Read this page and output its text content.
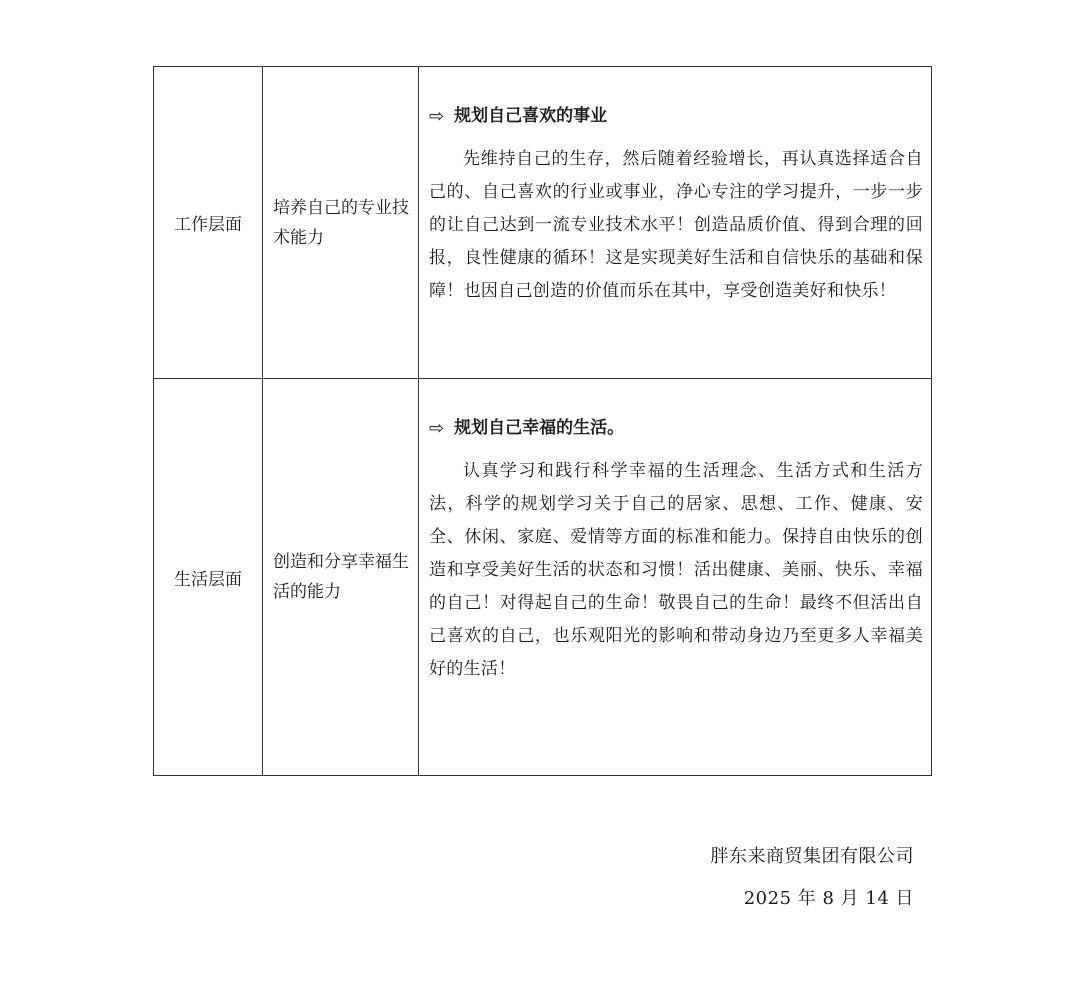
工作层面	培养自己的专业技术能力	⇨ 规划自己喜欢的事业

先维持自己的生存，然后随着经验增长，再认真选择适合自己的、自己喜欢的行业或事业，净心专注的学习提升，一步一步的让自己达到一流专业技术水平！创造品质价值、得到合理的回报，良性健康的循环！这是实现美好生活和自信快乐的基础和保障！也因自己创造的价值而乐在其中，享受创造美好和快乐！

生活层面	创造和分享幸福生活的能力	⇨ 规划自己幸福的生活。

认真学习和践行科学幸福的生活理念、生活方式和生活方法，科学的规划学习关于自己的居家、思想、工作、健康、安全、休闲、家庭、爱情等方面的标准和能力。保持自由快乐的创造和享受美好生活的状态和习惯！活出健康、美丽、快乐、幸福的自己！对得起自己的生命！敬畏自己的生命！最终不但活出自己喜欢的自己，也乐观阳光的影响和带动身边乃至更多人幸福美好的生活！

胖东来商贸集团有限公司
2025 年 8 月 14 日
